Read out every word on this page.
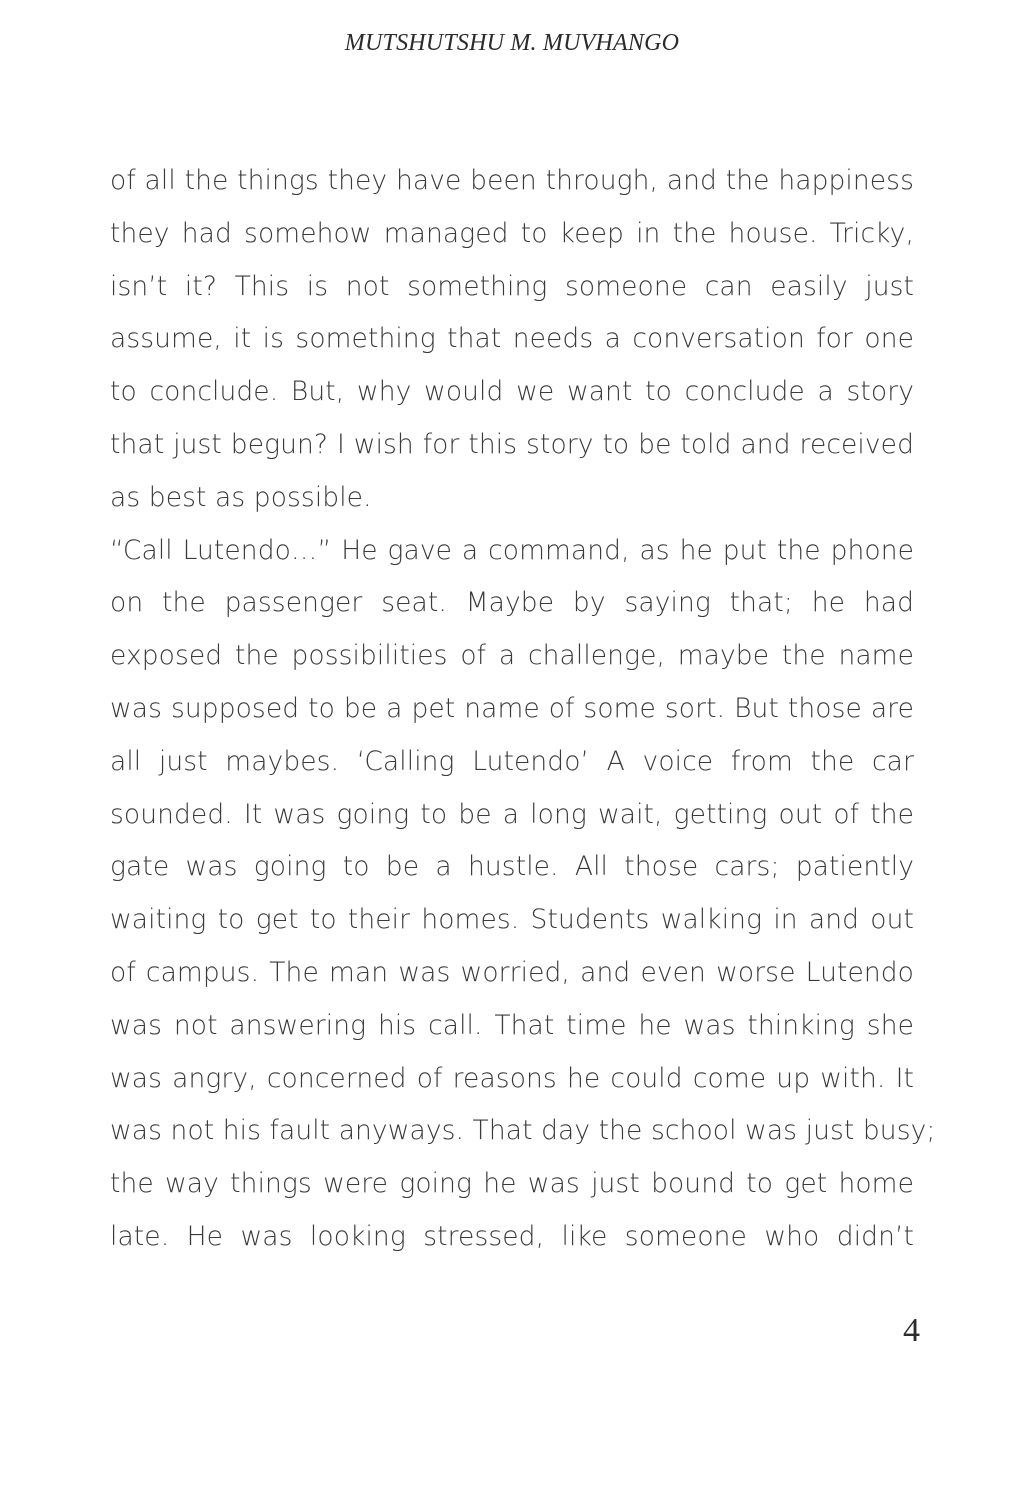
MUTSHUTSHU M. MUVHANGO
of all the things they have been through, and the happiness
they had somehow managed to keep in the house. Tricky,
isn’t it? This is not something someone can easily just
assume, it is something that needs a conversation for one
to conclude. But, why would we want to conclude a story
that just begun? I wish for this story to be told and received
as best as possible.
“Call Lutendo…” He gave a command, as he put the phone
on the passenger seat. Maybe by saying that; he had
exposed the possibilities of a challenge, maybe the name
was supposed to be a pet name of some sort. But those are
all just maybes. ‘Calling Lutendo’ A voice from the car
sounded. It was going to be a long wait, getting out of the
gate was going to be a hustle. All those cars; patiently
waiting to get to their homes. Students walking in and out
of campus. The man was worried, and even worse Lutendo
was not answering his call. That time he was thinking she
was angry, concerned of reasons he could come up with. It
was not his fault anyways. That day the school was just busy;
the way things were going he was just bound to get home
late. He was looking stressed, like someone who didn’t
4
